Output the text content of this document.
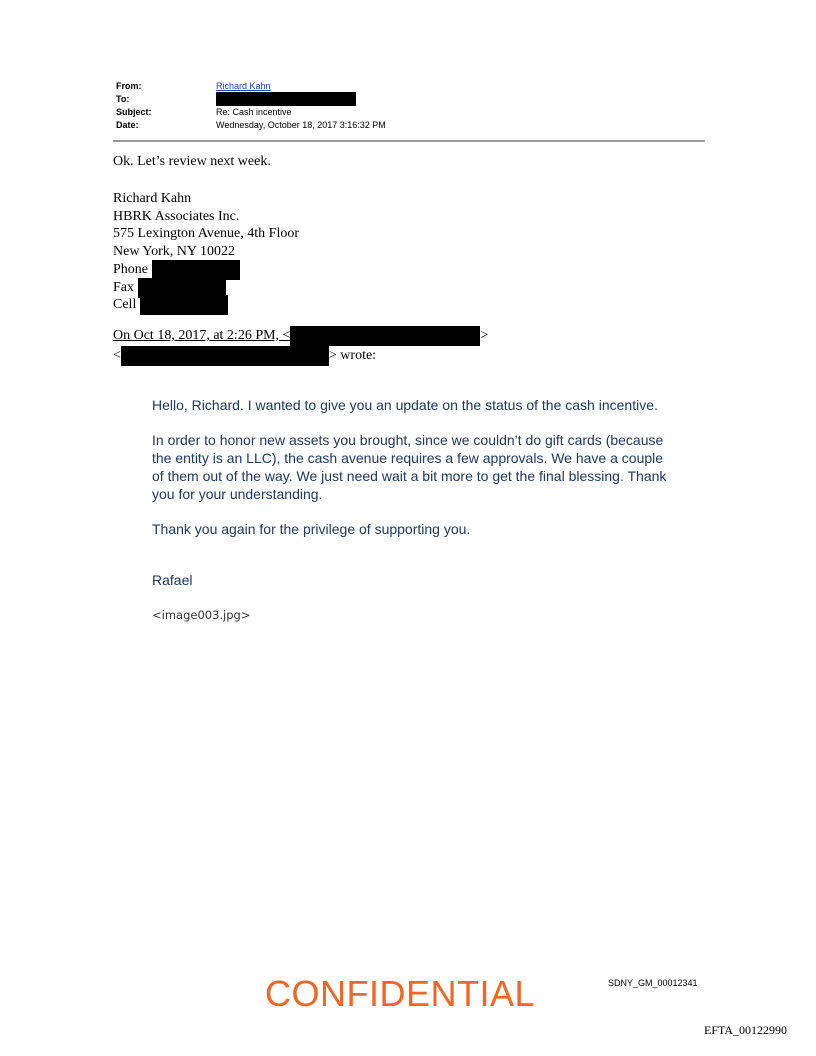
From:	Richard Kahn
To:
Subject:	Re: Cash incentive
Date:	Wednesday, October 18, 2017 3:16:32 PM
Ok. Let’s review next week.
Richard Kahn
HBRK Associates Inc.
575 Lexington Avenue, 4th Floor
New York, NY 10022
Phone
Fax
Cell
On Oct 18, 2017, at 2:26 PM, <	>
<	> wrote:

Hello, Richard. I wanted to give you an update on the status of the cash incentive.

In order to honor new assets you brought, since we couldn’t do gift cards (because the entity is an LLC), the cash avenue requires a few approvals. We have a couple of them out of the way. We just need wait a bit more to get the final blessing. Thank you for your understanding.

Thank you again for the privilege of supporting you.

Rafael

<image003.jpg>
CONFIDENTIAL	SDNY_GM_00012341
EFTA_00122990
